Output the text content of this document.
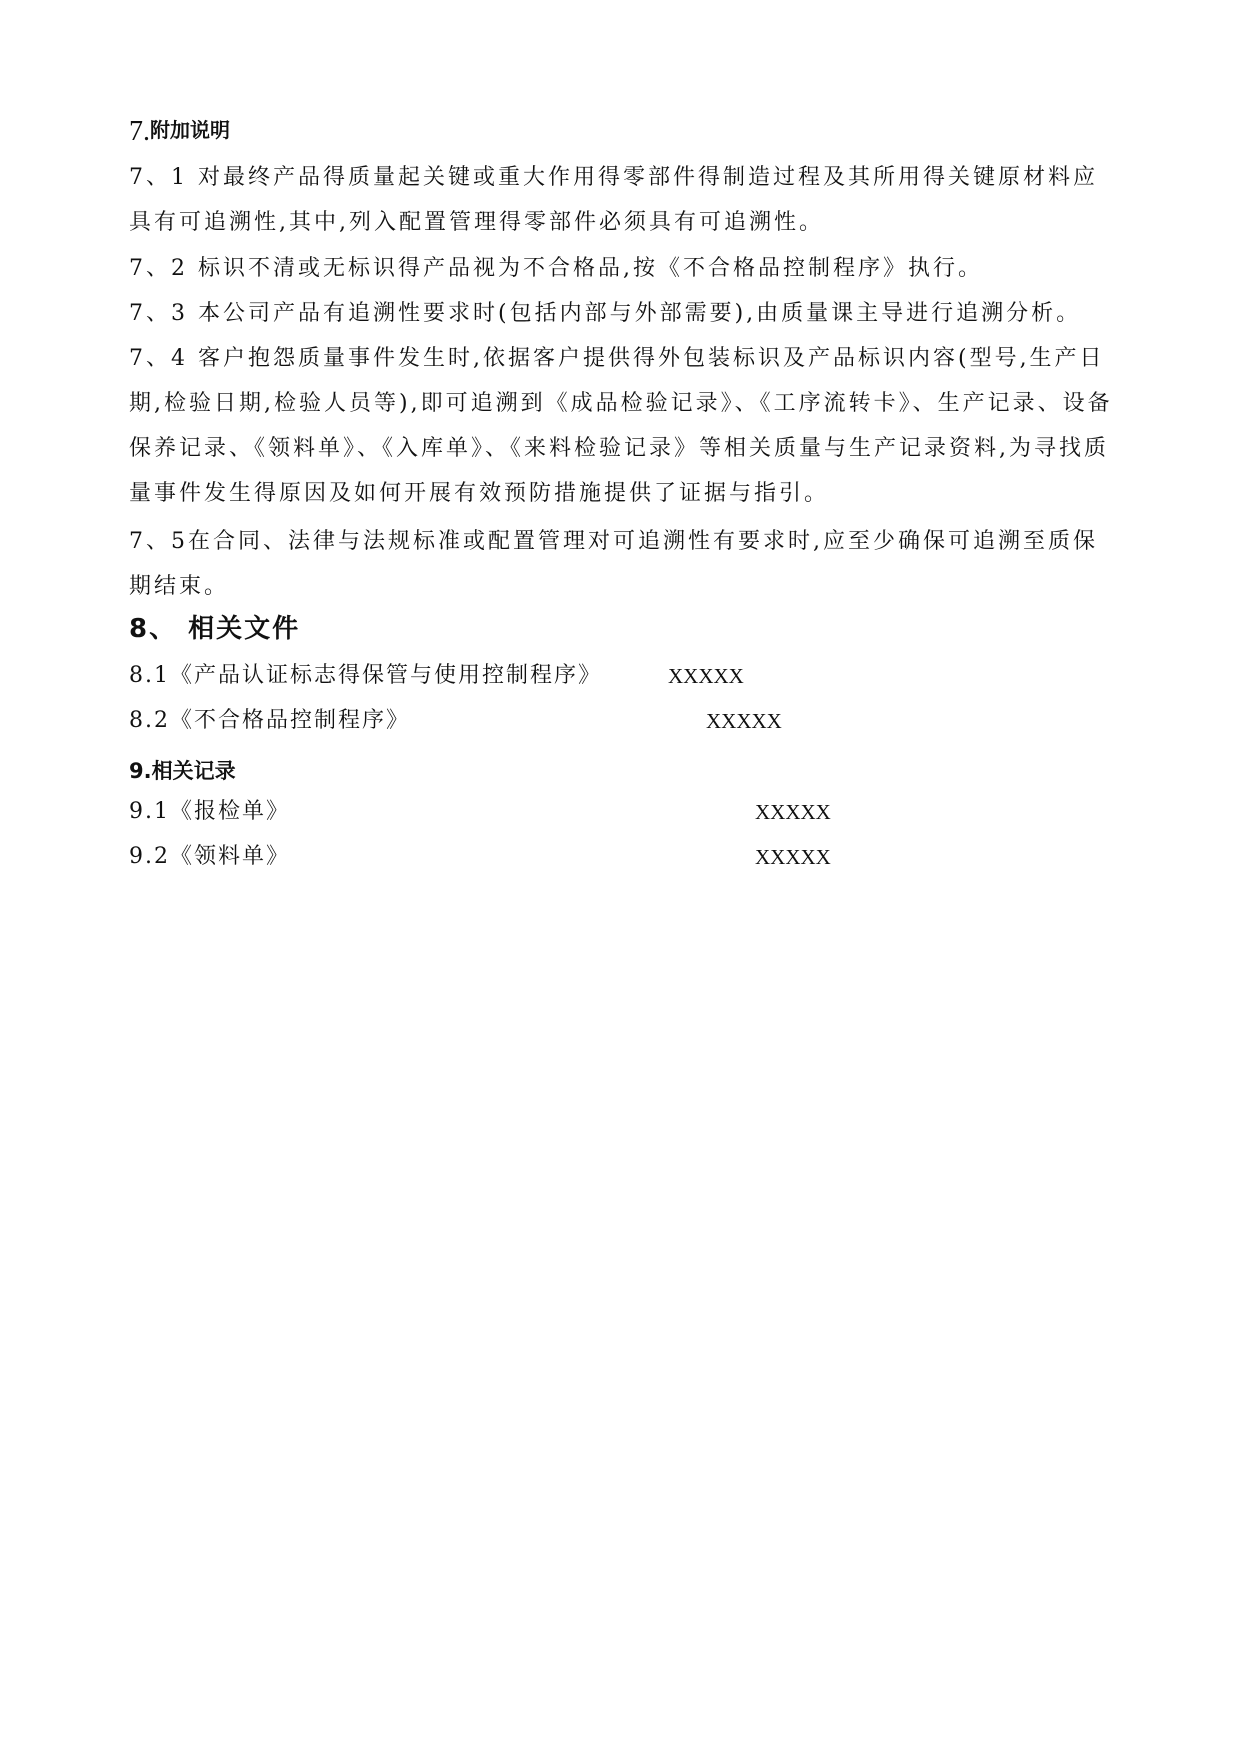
7.附加说明
7、1 对最终产品得质量起关键或重大作用得零部件得制造过程及其所用得关键原材料应具有可追溯性,其中,列入配置管理得零部件必须具有可追溯性。
7、2 标识不清或无标识得产品视为不合格品,按《不合格品控制程序》执行。
7、3 本公司产品有追溯性要求时(包括内部与外部需要),由质量课主导进行追溯分析。
7、4 客户抱怨质量事件发生时,依据客户提供得外包装标识及产品标识内容(型号,生产日期,检验日期,检验人员等),即可追溯到《成品检验记录》、《工序流转卡》、生产记录、设备保养记录、《领料单》、《入库单》、《来料检验记录》等相关质量与生产记录资料,为寻找质量事件发生得原因及如何开展有效预防措施提供了证据与指引。
7、5在合同、法律与法规标准或配置管理对可追溯性有要求时,应至少确保可追溯至质保期结束。
8、 相关文件
8.1《产品认证标志得保管与使用控制程序》	XXXXX
8.2《不合格品控制程序》	XXXXX
9.相关记录
9.1《报检单》	XXXXX
9.2《领料单》	XXXXX
